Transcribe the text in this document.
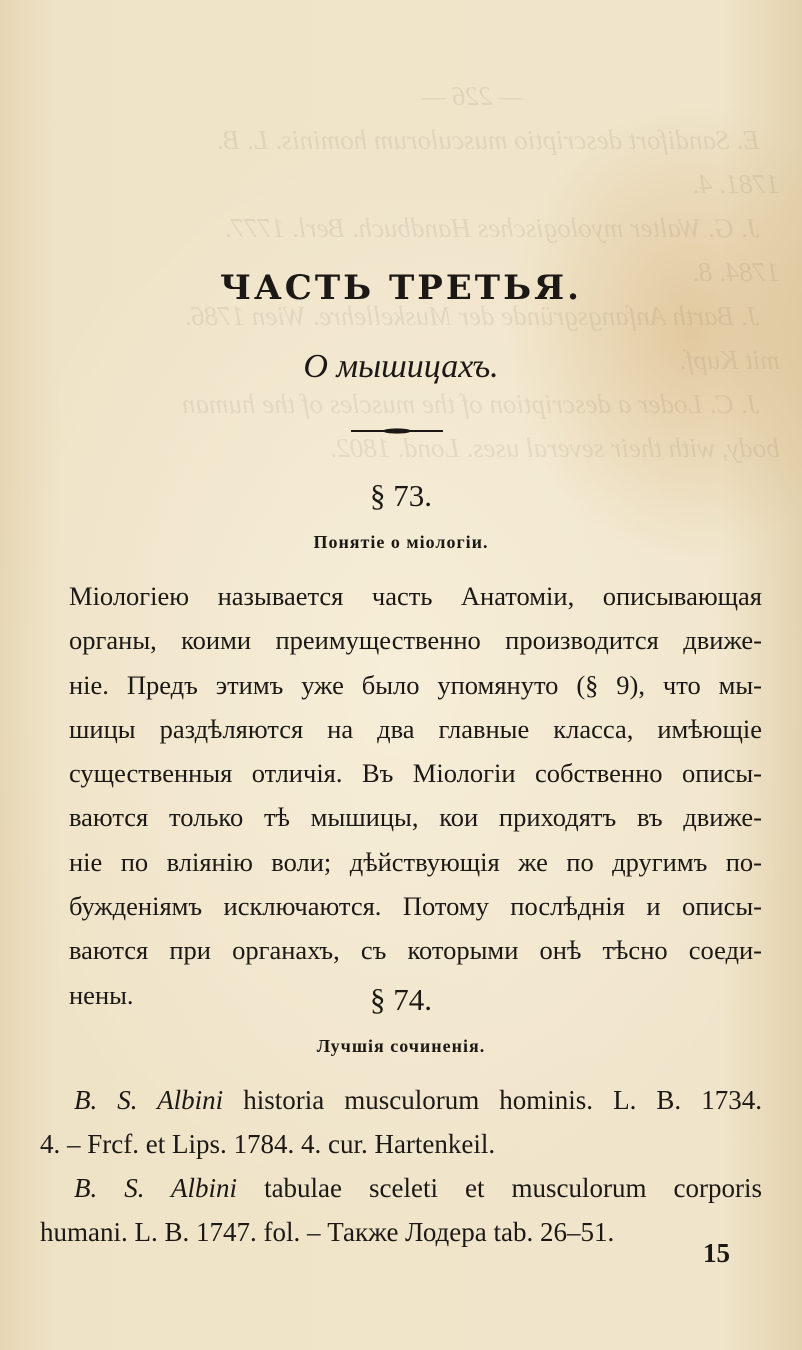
— 226 —
E. Sandifort descriptio musculorum hominis. L. B.
1781. 4.
J. G. Walter myologisches Handbuch. Berl. 1777.
1784. 8.
J. Barth Anfangsgründe der Muskellehre. Wien 1786.
mit Kupf.
J. C. Loder a description of the muscles of the human
body, with their several uses. Lond. 1802.

ЧАСТЬ ТРЕТЬЯ.
О мышицахъ.
§ 73.
Понятіе о міологіи.
Міологіею называется часть Анатоміи, описывающая
органы, коими преимущественно производится движе-
ніе. Предъ этимъ уже было упомянуто (§ 9), что мы-
шицы раздѣляются на два главные класса, имѣющіе
существенныя отличія. Въ Міологіи собственно описы-
ваются только тѣ мышицы, кои приходятъ въ движе-
ніе по вліянію воли; дѣйствующія же по другимъ по-
бужденіямъ исключаются. Потому послѣднія и описы-
ваются при органахъ, съ которыми онѣ тѣсно соеди-
нены.	§ 74.
Лучшія сочиненія.
B. S. Albini historia musculorum hominis. L. B. 1734.
4. – Frcf. et Lips. 1784. 4. cur. Hartenkeil.
B. S. Albini tabulae sceleti et musculorum corporis
humani. L. B. 1747. fol. – Также Лодера tab. 26–51.
15
